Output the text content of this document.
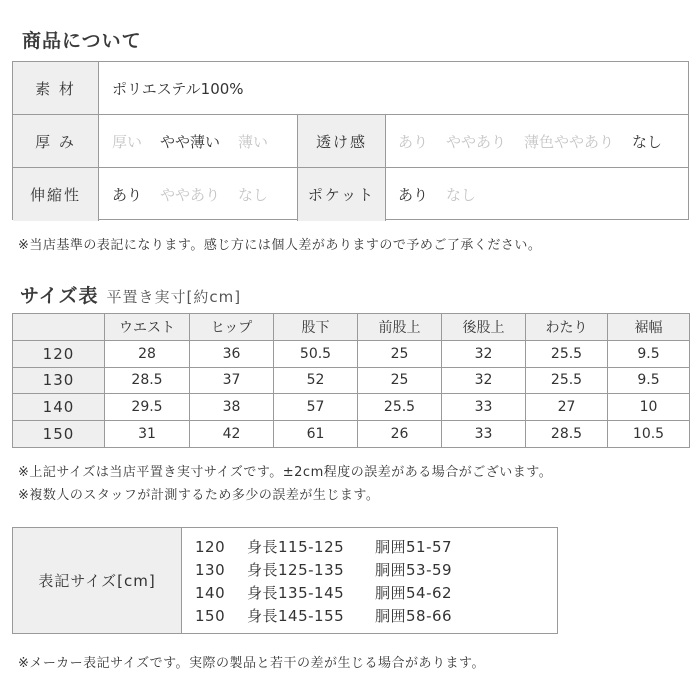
商品について
素 材	ポリエステル100%
厚 み	厚い やや薄い 薄い	透け感	あり ややあり 薄色ややあり なし
伸縮性	あり ややあり なし	ポケット	あり なし
※当店基準の表記になります。感じ方には個人差がありますので予めご了承ください。
サイズ表 平置き実寸[約cm]
	ウエスト	ヒップ	股下	前股上	後股上	わたり	裾幅
120	28	36	50.5	25	32	25.5	9.5
130	28.5	37	52	25	32	25.5	9.5
140	29.5	38	57	25.5	33	27	10
150	31	42	61	26	33	28.5	10.5
※上記サイズは当店平置き実寸サイズです。±2cm程度の誤差がある場合がございます。
※複数人のスタッフが計測するため多少の誤差が生じます。
表記サイズ[cm]
120 身長115-125 胴囲51-57
130 身長125-135 胴囲53-59
140 身長135-145 胴囲54-62
150 身長145-155 胴囲58-66
※メーカー表記サイズです。実際の製品と若干の差が生じる場合があります。
